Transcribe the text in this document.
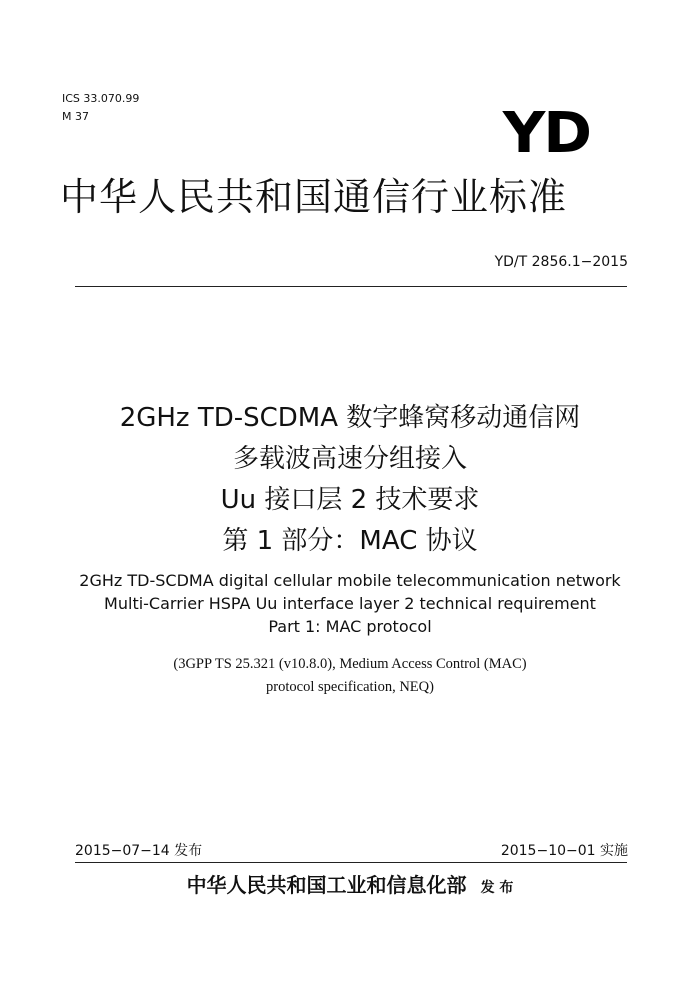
ICS 33.070.99
M 37	YD
中华人民共和国通信行业标准
YD/T 2856.1−2015
2GHz TD-SCDMA 数字蜂窝移动通信网
多载波高速分组接入
Uu 接口层 2 技术要求
第 1 部分：MAC 协议
2GHz TD-SCDMA digital cellular mobile telecommunication network
Multi-Carrier HSPA Uu interface layer 2 technical requirement
Part 1: MAC protocol
(3GPP TS 25.321 (v10.8.0), Medium Access Control (MAC)
protocol specification, NEQ)
2015−07−14 发布	2015−10−01 实施
中华人民共和国工业和信息化部 发 布
